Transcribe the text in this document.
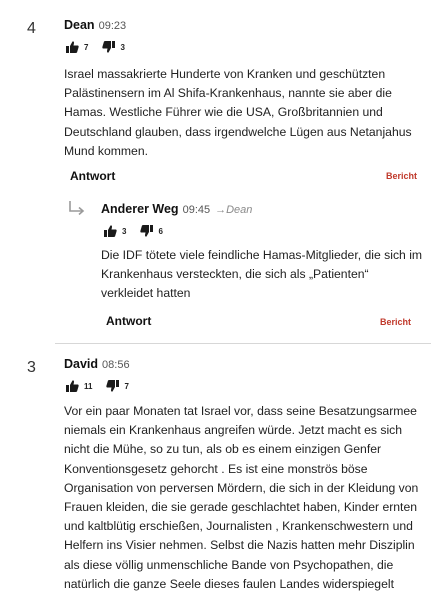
4 Dean 09:23
7	3
Israel massakrierte Hunderte von Kranken und geschützten
Palästinensern im Al Shifa-Krankenhaus, nannte sie aber die
Hamas. Westliche Führer wie die USA, Großbritannien und
Deutschland glauben, dass irgendwelche Lügen aus Netanjahus
Mund kommen.
Antwort	Bericht
Anderer Weg 09:45 →Dean
3	6
Die IDF tötete viele feindliche Hamas-Mitglieder, die sich im
Krankenhaus versteckten, die sich als „Patienten“
verkleidet hatten
Antwort	Bericht
3 David 08:56
11	7
Vor ein paar Monaten tat Israel vor, dass seine Besatzungsarmee
niemals ein Krankenhaus angreifen würde. Jetzt macht es sich
nicht die Mühe, so zu tun, als ob es einem einzigen Genfer
Konventionsgesetz gehorcht . Es ist eine monströs böse
Organisation von perversen Mördern, die sich in der Kleidung von
Frauen kleiden, die sie gerade geschlachtet haben, Kinder ernten
und kaltblütig erschießen, Journalisten , Krankenschwestern und
Helfern ins Visier nehmen. Selbst die Nazis hatten mehr Disziplin
als diese völlig unmenschliche Bande von Psychopathen, die
natürlich die ganze Seele dieses faulen Landes widerspiegelt
